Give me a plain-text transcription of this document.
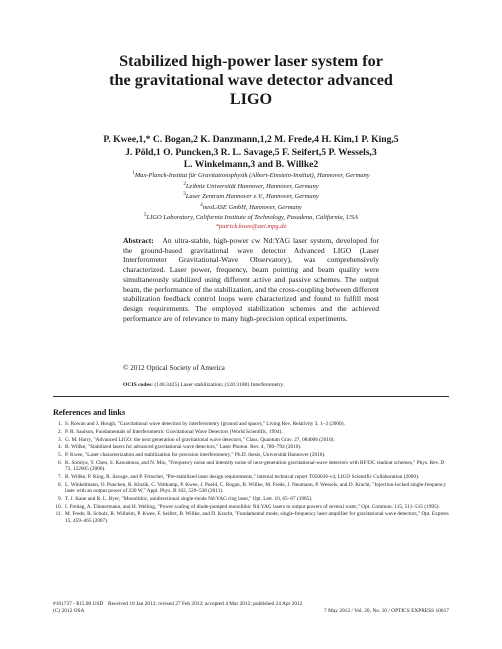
Stabilized high-power laser system for
the gravitational wave detector advanced
LIGO
P. Kwee,1,* C. Bogan,2 K. Danzmann,1,2 M. Frede,4 H. Kim,1 P. King,5
J. Pöld,1 O. Puncken,3 R. L. Savage,5 F. Seifert,5 P. Wessels,3
L. Winkelmann,3 and B. Willke2
$^1$Max-Planck-Institut für Gravitationsphysik (Albert-Einstein-Institut), Hannover, Germany
$^2$Leibniz Universität Hannover, Hannover, Germany
$^3$Laser Zentrum Hannover e.V., Hannover, Germany
$^4$neoLASE GmbH, Hannover, Germany
$^5$LIGO Laboratory, California Institute of Technology, Pasadena, California, USA
*patrick.kwee@aei.mpg.de
Abstract: An ultra-stable, high-power cw Nd:YAG laser system, developed for the ground-based gravitational wave detector Advanced LIGO (Laser Interferometer Gravitational-Wave Observatory), was comprehensively characterized. Laser power, frequency, beam pointing and beam quality were simultaneously stabilized using different active and passive schemes. The output beam, the performance of the stabilization, and the cross-coupling between different stabilization feedback control loops were characterized and found to fulfill most design requirements. The employed stabilization schemes and the achieved performance are of relevance to many high-precision optical experiments.
© 2012 Optical Society of America
OCIS codes: (140.3425) Laser stabilization; (120.3180) Interferometry.
References and links
1. S. Rowan and J. Hough, "Gravitational wave detection by interferometry (ground and space)," Living Rev. Relativity 3, 1–3 (2000).
2. P. R. Saulson, Fundamentals of Interferometric Gravitational Wave Detectors (World Scientific, 1994).
3. G. M. Harry, "Advanced LIGO: the next generation of gravitational wave detectors," Class. Quantum Grav. 27, 084006 (2010).
4. B. Willke, "Stabilized lasers for advanced gravitational wave detectors," Laser Photon. Rev. 4, 780–794 (2010).
5. P. Kwee, "Laser characterization and stabilization for precision interferometry," Ph.D. thesis, Universität Hannover (2010).
6. K. Somiya, Y. Chen, S. Kawamura, and N. Mio, "Frequency noise and intensity noise of next-generation gravitational-wave detectors with RF/DC readout schemes," Phys. Rev. D 73, 122005 (2006).
7. B. Willke, P. King, R. Savage, and P. Fritschel, "Pre-stabilized laser design requirements," internal technical report T050036-v4, LIGO Scientific Collaboration (2009).
8. L. Winkelmann, O. Puncken, R. Kluzik, C. Veltkamp, P. Kwee, J. Poeld, C. Bogan, B. Willke, M. Frede, J. Neumann, P. Wessels, and D. Kracht, "Injection-locked single-frequency laser with an output power of 220 W," Appl. Phys. B 102, 529–538 (2011).
9. T. J. Kane and R. L. Byer, "Monolithic, unidirectional single-mode Nd:YAG ring laser," Opt. Lett. 10, 65–67 (1985).
10. I. Freitag, A. Tünnermann, and H. Welling, "Power scaling of diode-pumped monolithic Nd:YAG lasers to output powers of several watts," Opt. Commun. 115, 511–515 (1995).
11. M. Frede, B. Schulz, R. Wilhelm, P. Kwee, F. Seifert, B. Willke, and D. Kracht, "Fundamental mode, single-frequency laser amplifier for gravitational wave detectors," Opt. Express 15, 459–465 (2007).
#161737 - $15.00 USD Received 18 Jan 2012; revised 27 Feb 2012; accepted 4 Mar 2012; published 24 Apr 2012
(C) 2012 OSA	7 May 2012 / Vol. 20, No. 10 / OPTICS EXPRESS 10617
